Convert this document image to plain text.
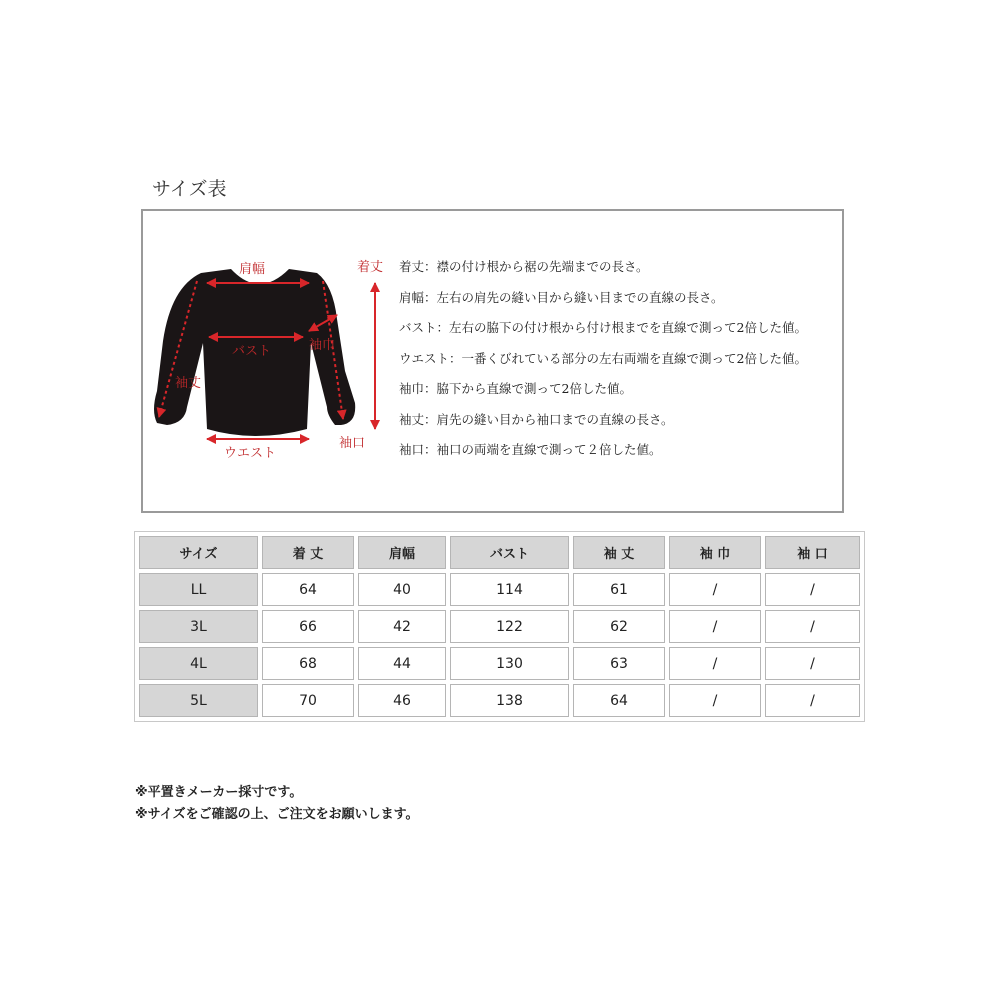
サイズ表
肩幅
バスト	袖巾
袖丈
着丈
袖口
ウエスト
着丈：襟の付け根から裾の先端までの長さ。
肩幅：左右の肩先の縫い目から縫い目までの直線の長さ。
バスト：左右の脇下の付け根から付け根までを直線で測って2倍した値。
ウエスト：一番くびれている部分の左右両端を直線で測って2倍した値。
袖巾：脇下から直線で測って2倍した値。
袖丈：肩先の縫い目から袖口までの直線の長さ。
袖口：袖口の両端を直線で測って２倍した値。
サイズ	着 丈	肩幅	バスト	袖 丈	袖 巾	袖 口
LL	64	40	114	61	/	/
3L	66	42	122	62	/	/
4L	68	44	130	63	/	/
5L	70	46	138	64	/	/
※平置きメーカー採寸です。
※サイズをご確認の上、ご注文をお願いします。
